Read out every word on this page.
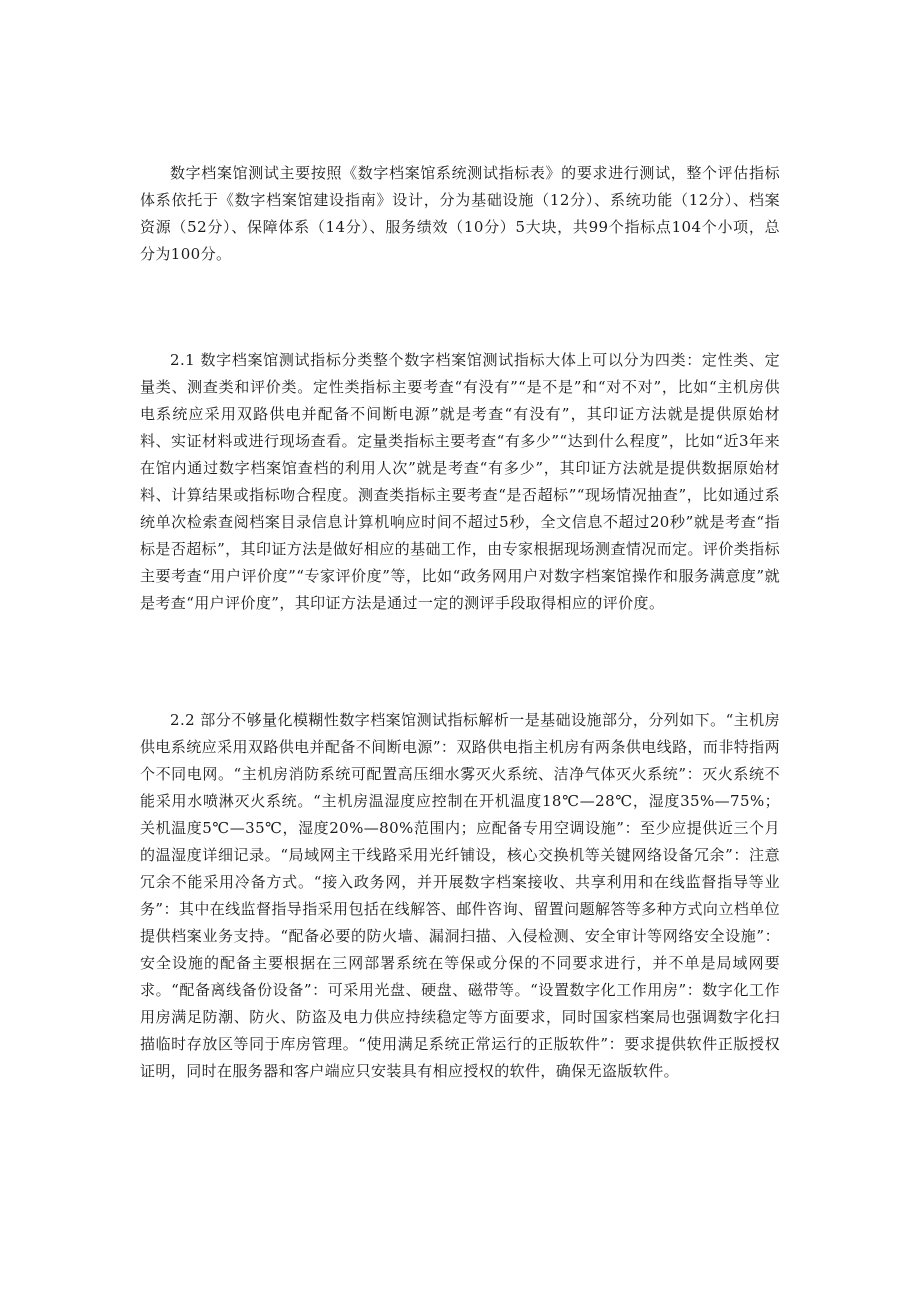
数字档案馆测试主要按照《数字档案馆系统测试指标表》的要求进行测试，整个评估指标体系依托于《数字档案馆建设指南》设计，分为基础设施（12分）、系统功能（12分）、档案资源（52分）、保障体系（14分）、服务绩效（10分）5大块，共99个指标点104个小项，总分为100分。

2.1 数字档案馆测试指标分类整个数字档案馆测试指标大体上可以分为四类：定性类、定量类、测查类和评价类。定性类指标主要考查“有没有”“是不是”和“对不对”，比如“主机房供电系统应采用双路供电并配备不间断电源”就是考查“有没有”，其印证方法就是提供原始材料、实证材料或进行现场查看。定量类指标主要考查“有多少”“达到什么程度”，比如“近3年来在馆内通过数字档案馆查档的利用人次”就是考查“有多少”，其印证方法就是提供数据原始材料、计算结果或指标吻合程度。测查类指标主要考查“是否超标”“现场情况抽查”，比如通过系统单次检索查阅档案目录信息计算机响应时间不超过5秒，全文信息不超过20秒”就是考查“指标是否超标”，其印证方法是做好相应的基础工作，由专家根据现场测查情况而定。评价类指标主要考查“用户评价度”“专家评价度”等，比如“政务网用户对数字档案馆操作和服务满意度”就是考查“用户评价度”，其印证方法是通过一定的测评手段取得相应的评价度。

2.2 部分不够量化模糊性数字档案馆测试指标解析一是基础设施部分，分列如下。“主机房供电系统应采用双路供电并配备不间断电源”：双路供电指主机房有两条供电线路，而非特指两个不同电网。“主机房消防系统可配置高压细水雾灭火系统、洁净气体灭火系统”：灭火系统不能采用水喷淋灭火系统。“主机房温湿度应控制在开机温度18℃—28℃，湿度35%—75%；关机温度5℃—35℃，湿度20%—80%范围内；应配备专用空调设施”：至少应提供近三个月的温湿度详细记录。“局域网主干线路采用光纤铺设，核心交换机等关键网络设备冗余”：注意冗余不能采用冷备方式。“接入政务网，并开展数字档案接收、共享利用和在线监督指导等业务”：其中在线监督指导指采用包括在线解答、邮件咨询、留置问题解答等多种方式向立档单位提供档案业务支持。“配备必要的防火墙、漏洞扫描、入侵检测、安全审计等网络安全设施”：安全设施的配备主要根据在三网部署系统在等保或分保的不同要求进行，并不单是局域网要求。“配备离线备份设备”：可采用光盘、硬盘、磁带等。“设置数字化工作用房”：数字化工作用房满足防潮、防火、防盗及电力供应持续稳定等方面要求，同时国家档案局也强调数字化扫描临时存放区等同于库房管理。“使用满足系统正常运行的正版软件”：要求提供软件正版授权证明，同时在服务器和客户端应只安装具有相应授权的软件，确保无盗版软件。
